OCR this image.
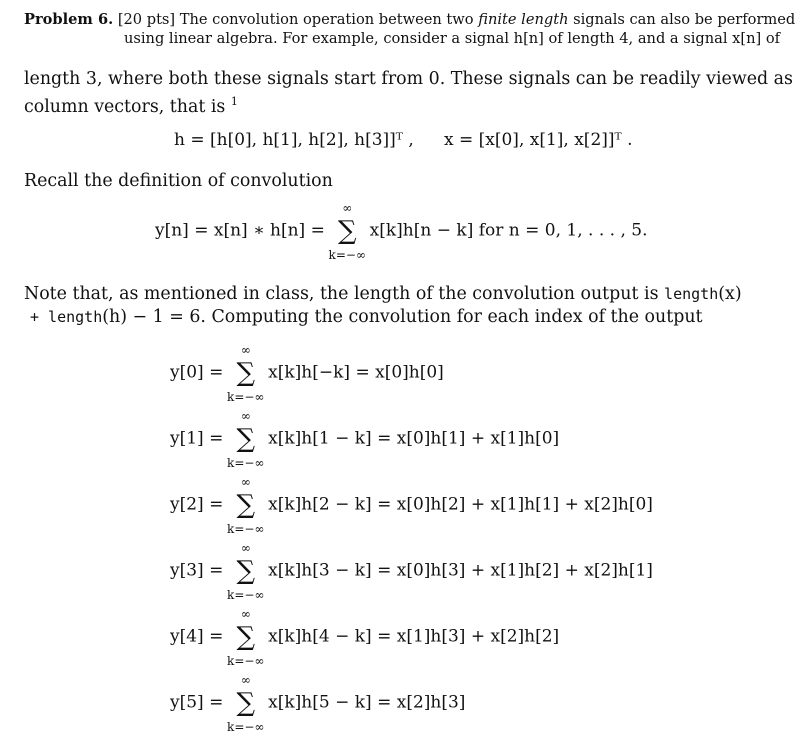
Problem 6. [20 pts] The convolution operation between two finite length signals can also be performed
using linear algebra. For example, consider a signal h[n] of length 4, and a signal x[n] of
length 3, where both these signals start from 0. These signals can be readily viewed as
column vectors, that is $^1$
h = [h[0], h[1], h[2], h[3]]ᵀ , x = [x[0], x[1], x[2]]ᵀ .
Recall the definition of convolution
y[n] = x[n] ∗ h[n] =
∞
∑
k=−∞
x[k]h[n − k] for n = 0, 1, . . . , 5.
Note that, as mentioned in class, the length of the convolution output is length(x)
+ length(h) − 1 = 6. Computing the convolution for each index of the output
y[0] =
∞
∑
k=−∞
x[k]h[−k] = x[0]h[0]
y[1] =
∞
∑
k=−∞
x[k]h[1 − k] = x[0]h[1] + x[1]h[0]
y[2] =
∞
∑
k=−∞
x[k]h[2 − k] = x[0]h[2] + x[1]h[1] + x[2]h[0]
y[3] =
∞
∑
k=−∞
x[k]h[3 − k] = x[0]h[3] + x[1]h[2] + x[2]h[1]
y[4] =
∞
∑
k=−∞
x[k]h[4 − k] = x[1]h[3] + x[2]h[2]
y[5] =
∞
∑
k=−∞
x[k]h[5 − k] = x[2]h[3]
